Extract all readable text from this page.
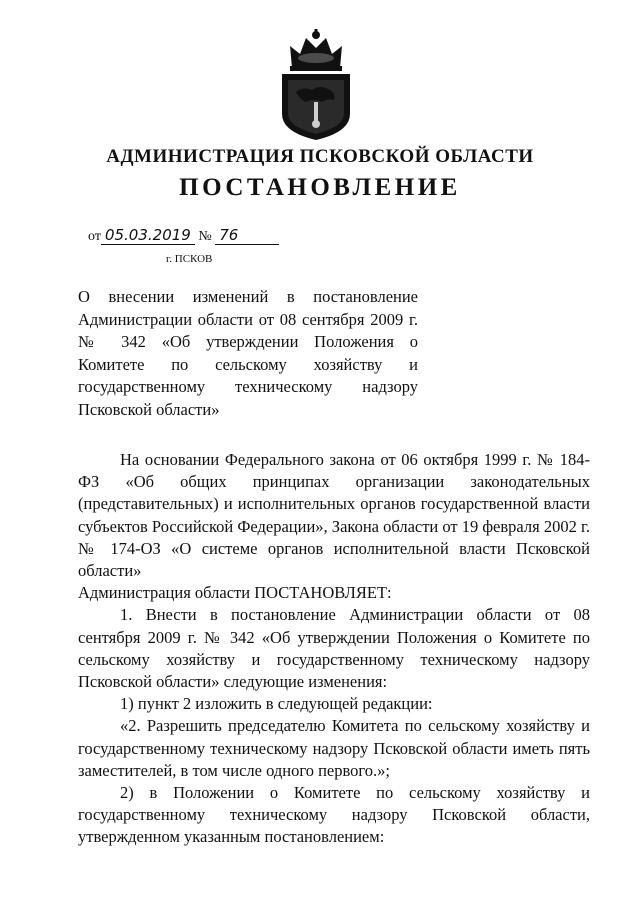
АДМИНИСТРАЦИЯ ПСКОВСКОЙ ОБЛАСТИ
ПОСТАНОВЛЕНИЕ
от 05.03.2019 № 76
г. ПСКОВ
О внесении изменений в постановление Администрации области от 08 сентября 2009 г. № 342 «Об утверждении Положения о Комитете по сельскому хозяйству и государственному техническому надзору Псковской области»

На основании Федерального закона от 06 октября 1999 г. № 184-ФЗ «Об общих принципах организации законодательных (представительных) и исполнительных органов государственной власти субъектов Российской Федерации», Закона области от 19 февраля 2002 г. № 174-ОЗ «О системе органов исполнительной власти Псковской области»

Администрация области ПОСТАНОВЛЯЕТ:

1. Внести в постановление Администрации области от 08 сентября 2009 г. № 342 «Об утверждении Положения о Комитете по сельскому хозяйству и государственному техническому надзору Псковской области» следующие изменения:

1) пункт 2 изложить в следующей редакции:

«2. Разрешить председателю Комитета по сельскому хозяйству и государственному техническому надзору Псковской области иметь пять заместителей, в том числе одного первого.»;

2) в Положении о Комитете по сельскому хозяйству и государственному техническому надзору Псковской области, утвержденном указанным постановлением:
